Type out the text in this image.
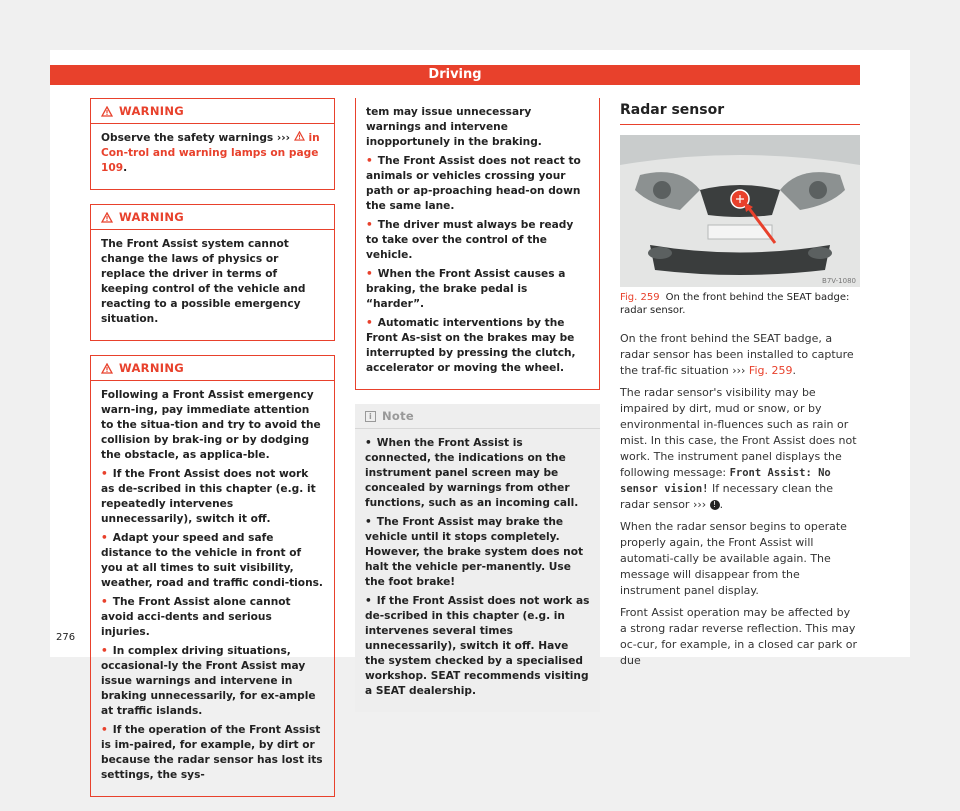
Driving
WARNING

Observe the safety warnings ››› in Con-trol and warning lamps on page 109.

WARNING

The Front Assist system cannot change the laws of physics or replace the driver in terms of keeping control of the vehicle and reacting to a possible emergency situation.

WARNING

Following a Front Assist emergency warn-ing, pay immediate attention to the situa-tion and try to avoid the collision by brak-ing or by dodging the obstacle, as applica-ble.

• If the Front Assist does not work as de-scribed in this chapter (e.g. it repeatedly intervenes unnecessarily), switch it off.

• Adapt your speed and safe distance to the vehicle in front of you at all times to suit visibility, weather, road and traffic condi-tions.

• The Front Assist alone cannot avoid acci-dents and serious injuries.

• In complex driving situations, occasional-ly the Front Assist may issue warnings and intervene in braking unnecessarily, for ex-ample at traffic islands.

• If the operation of the Front Assist is im-paired, for example, by dirt or because the radar sensor has lost its settings, the sys-

tem may issue unnecessary warnings and intervene inopportunely in the braking.

• The Front Assist does not react to animals or vehicles crossing your path or ap-proaching head-on down the same lane.

• The driver must always be ready to take over the control of the vehicle.

• When the Front Assist causes a braking, the brake pedal is “harder”.

• Automatic interventions by the Front As-sist on the brakes may be interrupted by pressing the clutch, accelerator or moving the wheel.

i Note

• When the Front Assist is connected, the indications on the instrument panel screen may be concealed by warnings from other functions, such as an incoming call.

• The Front Assist may brake the vehicle until it stops completely. However, the brake system does not halt the vehicle per-manently. Use the foot brake!

• If the Front Assist does not work as de-scribed in this chapter (e.g. in intervenes several times unnecessarily), switch it off. Have the system checked by a specialised workshop. SEAT recommends visiting a SEAT dealership.

Radar sensor
B7V-1080
Fig. 259 On the front behind the SEAT badge: radar sensor.

On the front behind the SEAT badge, a radar sensor has been installed to capture the traf-fic situation ››› Fig. 259.

The radar sensor's visibility may be impaired by dirt, mud or snow, or by environmental in-fluences such as rain or mist. In this case, the Front Assist does not work. The instrument panel displays the following message: Front Assist: No sensor vision! If necessary clean the radar sensor ››› ! .

When the radar sensor begins to operate properly again, the Front Assist will automati-cally be available again. The message will disappear from the instrument panel display.

Front Assist operation may be affected by a strong radar reverse reflection. This may oc-cur, for example, in a closed car park or due

276
